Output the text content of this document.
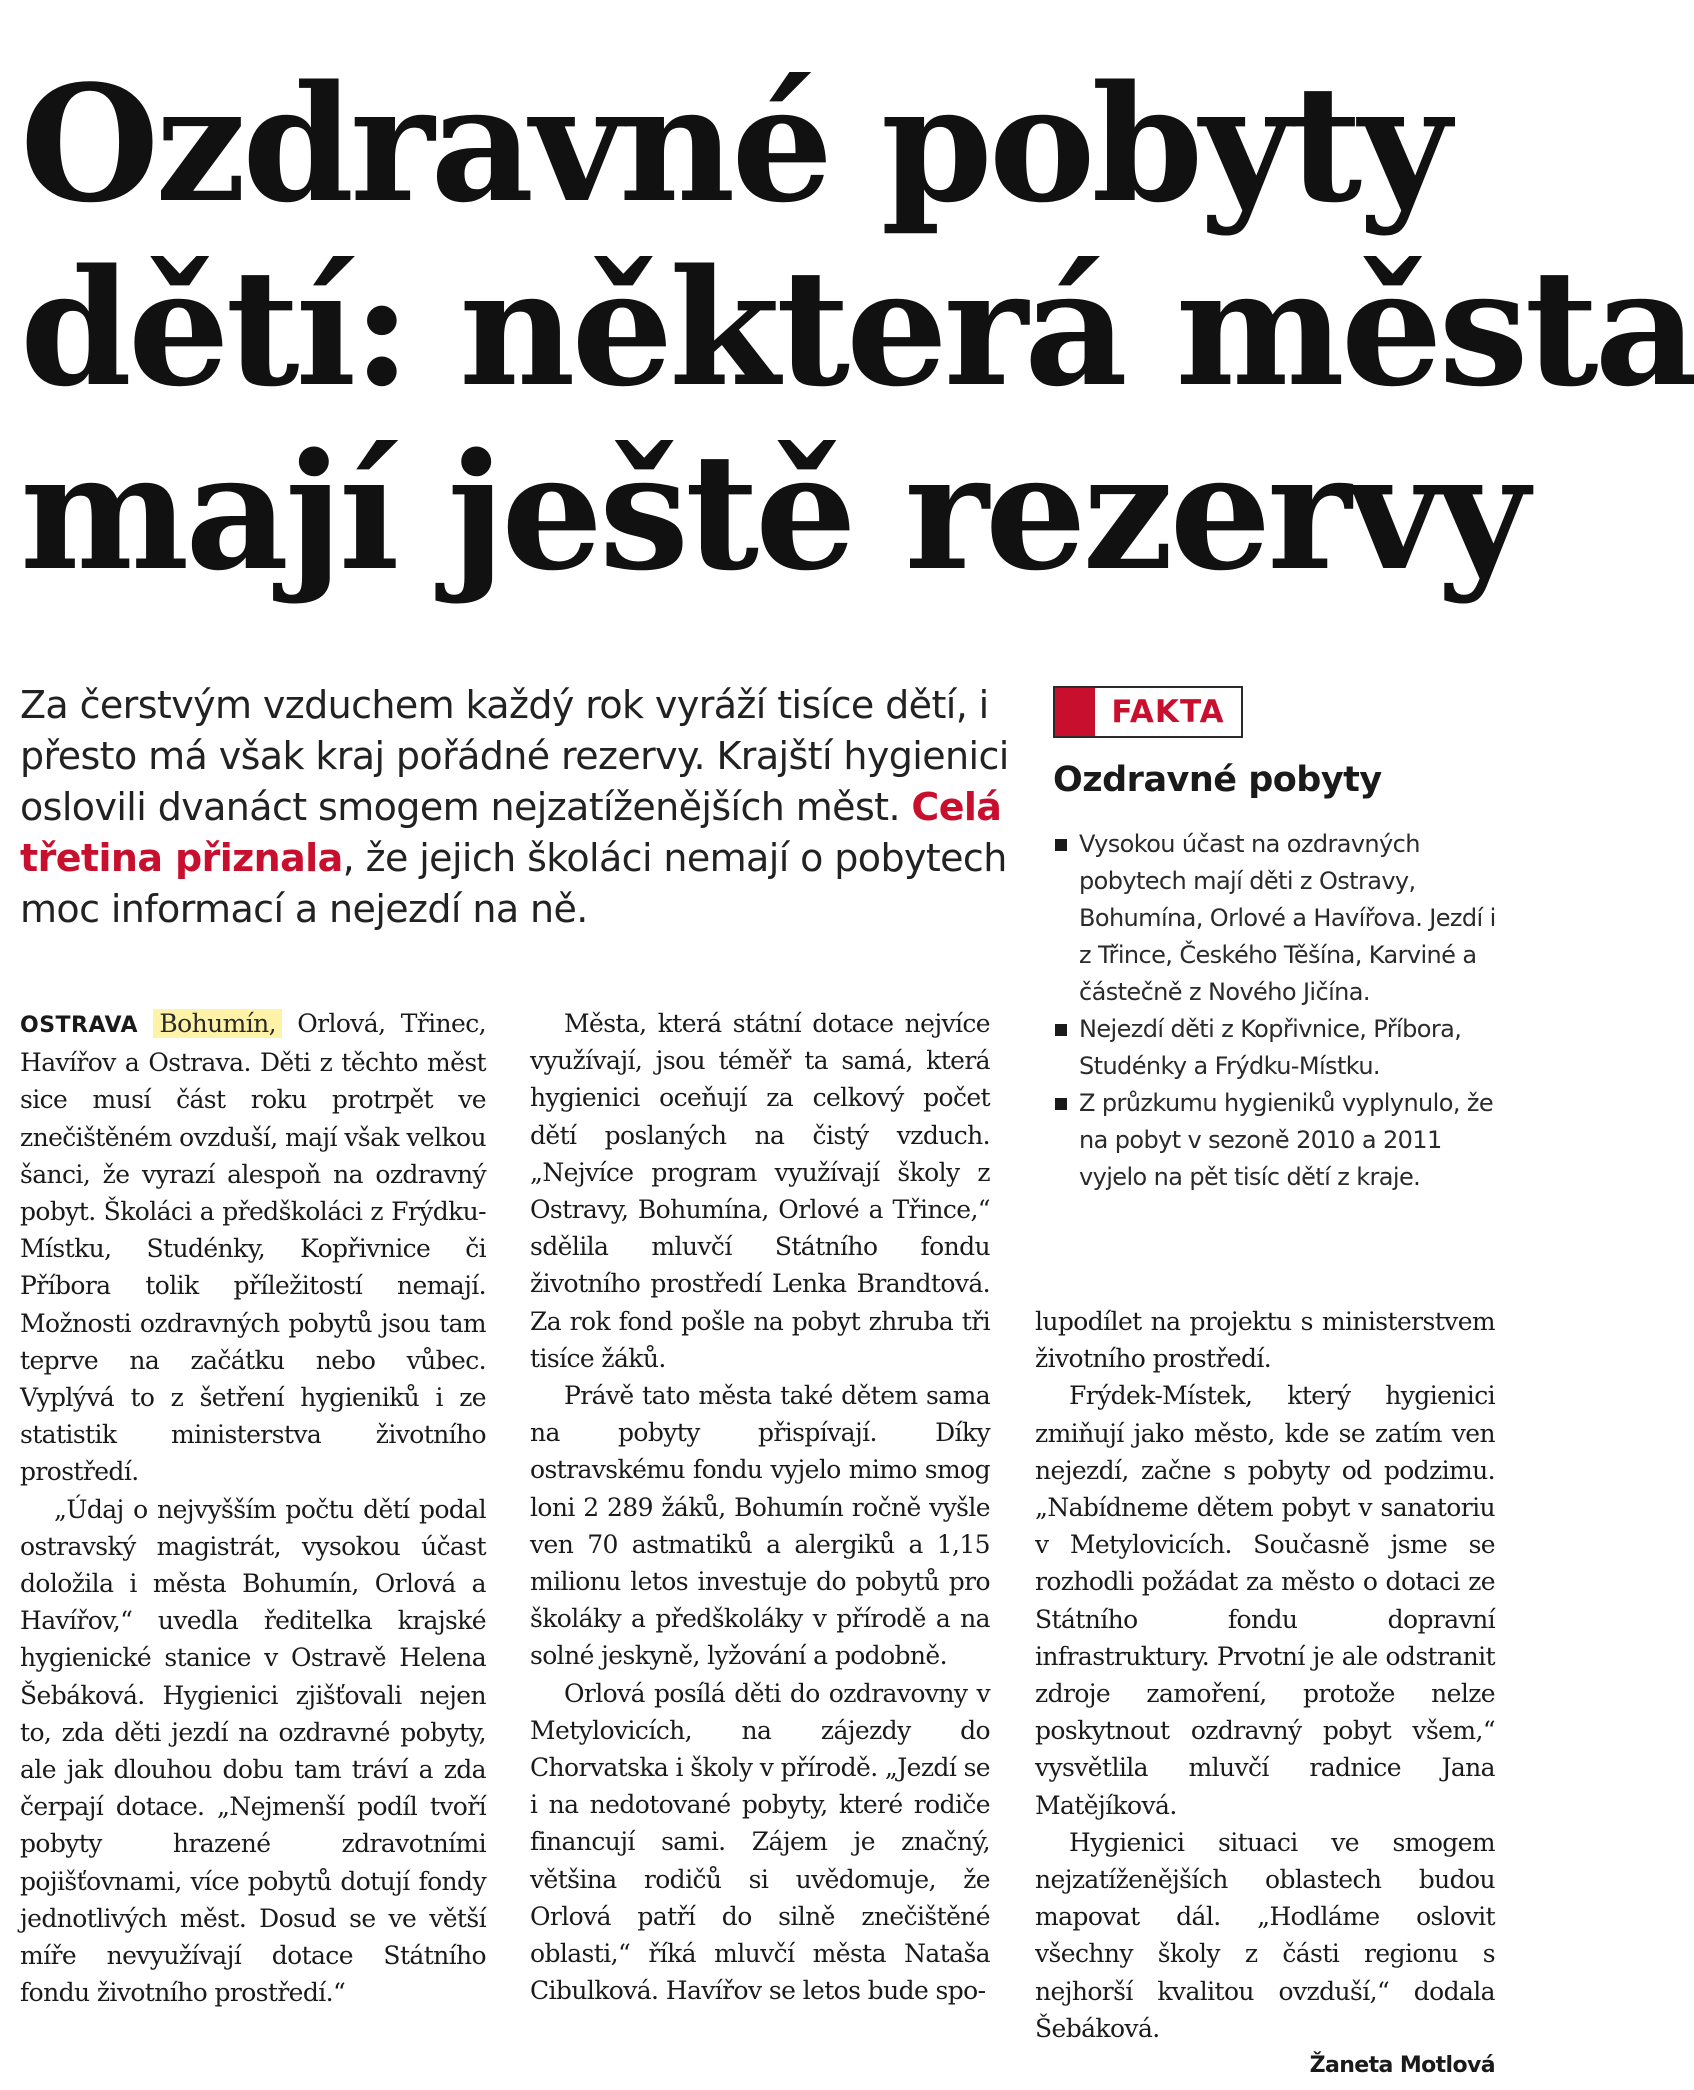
Ozdravné pobyty
dětí: některá města
mají ještě rezervy
Za čerstvým vzduchem každý rok vyráží tisíce dětí, i přesto má však kraj pořádné rezervy. Krajští hygienici oslovili dvanáct smogem nejzatíženějších měst. Celá třetina přiznala, že jejich školáci nemají o pobytech moc informací a nejezdí na ně.
FAKTA
Ozdravné pobyty
Vysokou účast na ozdravných pobytech mají děti z Ostravy, Bohumína, Orlové a Havířova. Jezdí i z Třince, Českého Těšína, Karviné a částečně z Nového Jičína.
Nejezdí děti z Kopřivnice, Příbora, Studénky a Frýdku-Místku.
Z průzkumu hygieniků vyplynulo, že na pobyt v sezoně 2010 a 2011 vyjelo na pět tisíc dětí z kraje.

OSTRAVA Bohumín, Orlová, Třinec, Havířov a Ostrava. Děti z těchto měst sice musí část roku protrpět ve znečištěném ovzduší, mají však velkou šanci, že vyrazí alespoň na ozdravný pobyt. Školáci a předškoláci z Frýdku-Místku, Studénky, Kopřivnice či Příbora tolik příležitostí nemají. Možnosti ozdravných pobytů jsou tam teprve na začátku nebo vůbec. Vyplývá to z šetření hygieniků i ze statistik ministerstva životního prostředí.

„Údaj o nejvyšším počtu dětí podal ostravský magistrát, vysokou účast doložila i města Bohumín, Orlová a Havířov,“ uvedla ředitelka krajské hygienické stanice v Ostravě Helena Šebáková. Hygienici zjišťovali nejen to, zda děti jezdí na ozdravné pobyty, ale jak dlouhou dobu tam tráví a zda čerpají dotace. „Nejmenší podíl tvoří pobyty hrazené zdravotními pojišťovnami, více pobytů dotují fondy jednotlivých měst. Dosud se ve větší míře nevyužívají dotace Státního fondu životního prostředí.“

Města, která státní dotace nejvíce využívají, jsou téměř ta samá, která hygienici oceňují za celkový počet dětí poslaných na čistý vzduch. „Nejvíce program využívají školy z Ostravy, Bohumína, Orlové a Třince,“ sdělila mluvčí Státního fondu životního prostředí Lenka Brandtová. Za rok fond pošle na pobyt zhruba tři tisíce žáků.

Právě tato města také dětem sama na pobyty přispívají. Díky ostravskému fondu vyjelo mimo smog loni 2 289 žáků, Bohumín ročně vyšle ven 70 astmatiků a alergiků a 1,15 milionu letos investuje do pobytů pro školáky a předškoláky v přírodě a na solné jeskyně, lyžování a podobně.

Orlová posílá děti do ozdravovny v Metylovicích, na zájezdy do Chorvatska i školy v přírodě. „Jezdí se i na nedotované pobyty, které rodiče financují sami. Zájem je značný, většina rodičů si uvědomuje, že Orlová patří do silně znečištěné oblasti,“ říká mluvčí města Nataša Cibulková. Havířov se letos bude spo-

lupodílet na projektu s ministerstvem životního prostředí.

Frýdek-Místek, který hygienici zmiňují jako město, kde se zatím ven nejezdí, začne s pobyty od podzimu. „Nabídneme dětem pobyt v sanatoriu v Metylovicích. Současně jsme se rozhodli požádat za město o dotaci ze Státního fondu dopravní infrastruktury. Prvotní je ale odstranit zdroje zamoření, protože nelze poskytnout ozdravný pobyt všem,“ vysvětlila mluvčí radnice Jana Matějíková.

Hygienici situaci ve smogem nejzatíženějších oblastech budou mapovat dál. „Hodláme oslovit všechny školy z části regionu s nejhorší kvalitou ovzduší,“ dodala Šebáková.

Žaneta Motlová
